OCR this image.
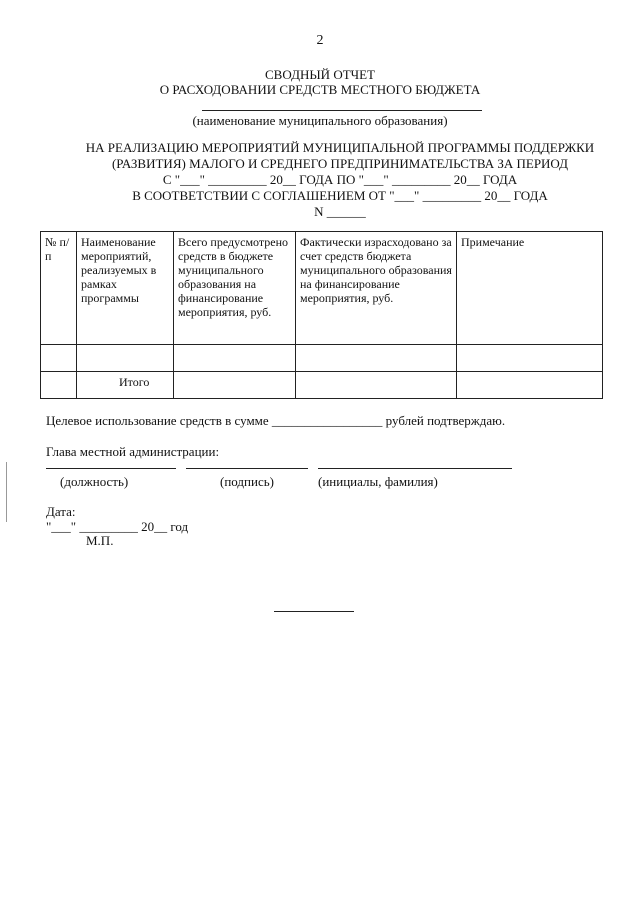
2
СВОДНЫЙ ОТЧЕТ
О РАСХОДОВАНИИ СРЕДСТВ МЕСТНОГО БЮДЖЕТА
(наименование муниципального образования)
НА РЕАЛИЗАЦИЮ МЕРОПРИЯТИЙ МУНИЦИПАЛЬНОЙ ПРОГРАММЫ ПОДДЕРЖКИ
(РАЗВИТИЯ) МАЛОГО И СРЕДНЕГО ПРЕДПРИНИМАТЕЛЬСТВА ЗА ПЕРИОД
С "___" _________ 20__ ГОДА ПО "___" _________ 20__ ГОДА
В СООТВЕТСТВИИ С СОГЛАШЕНИЕМ ОТ "___" _________ 20__ ГОДА
N ______
№ п/п	Наименование мероприятий, реализуемых в рамках программы	Всего предусмотрено средств в бюджете муниципального образования на финансирование мероприятия, руб.	Фактически израсходовано за счет средств бюджета муниципального образования на финансирование мероприятия, руб.	Примечание

	Итого			
Целевое использование средств в сумме _________________ рублей подтверждаю.
Глава местной администрации:
(должность)	(подпись)	(инициалы, фамилия)
Дата:
"___" _________ 20__ год
М.П.
